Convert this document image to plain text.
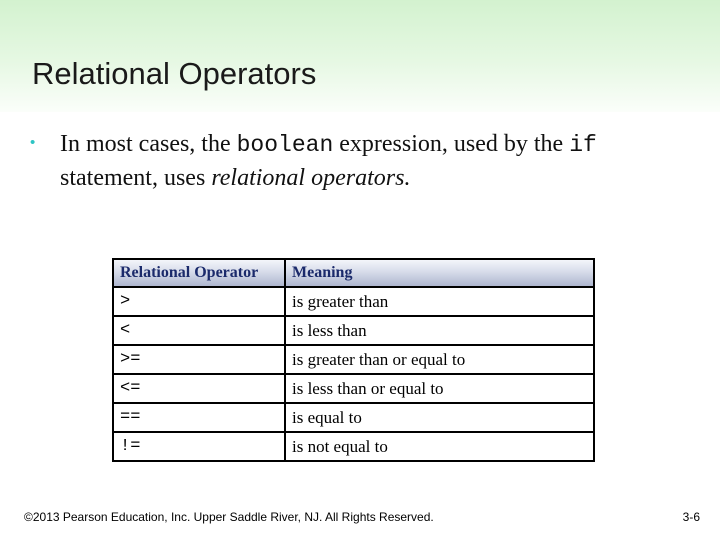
Relational Operators
• In most cases, the boolean expression, used by the if statement, uses relational operators.
Relational Operator	Meaning
>	is greater than
<	is less than
>=	is greater than or equal to
<=	is less than or equal to
==	is equal to
!=	is not equal to
©2013 Pearson Education, Inc. Upper Saddle River, NJ. All Rights Reserved.	3-6
